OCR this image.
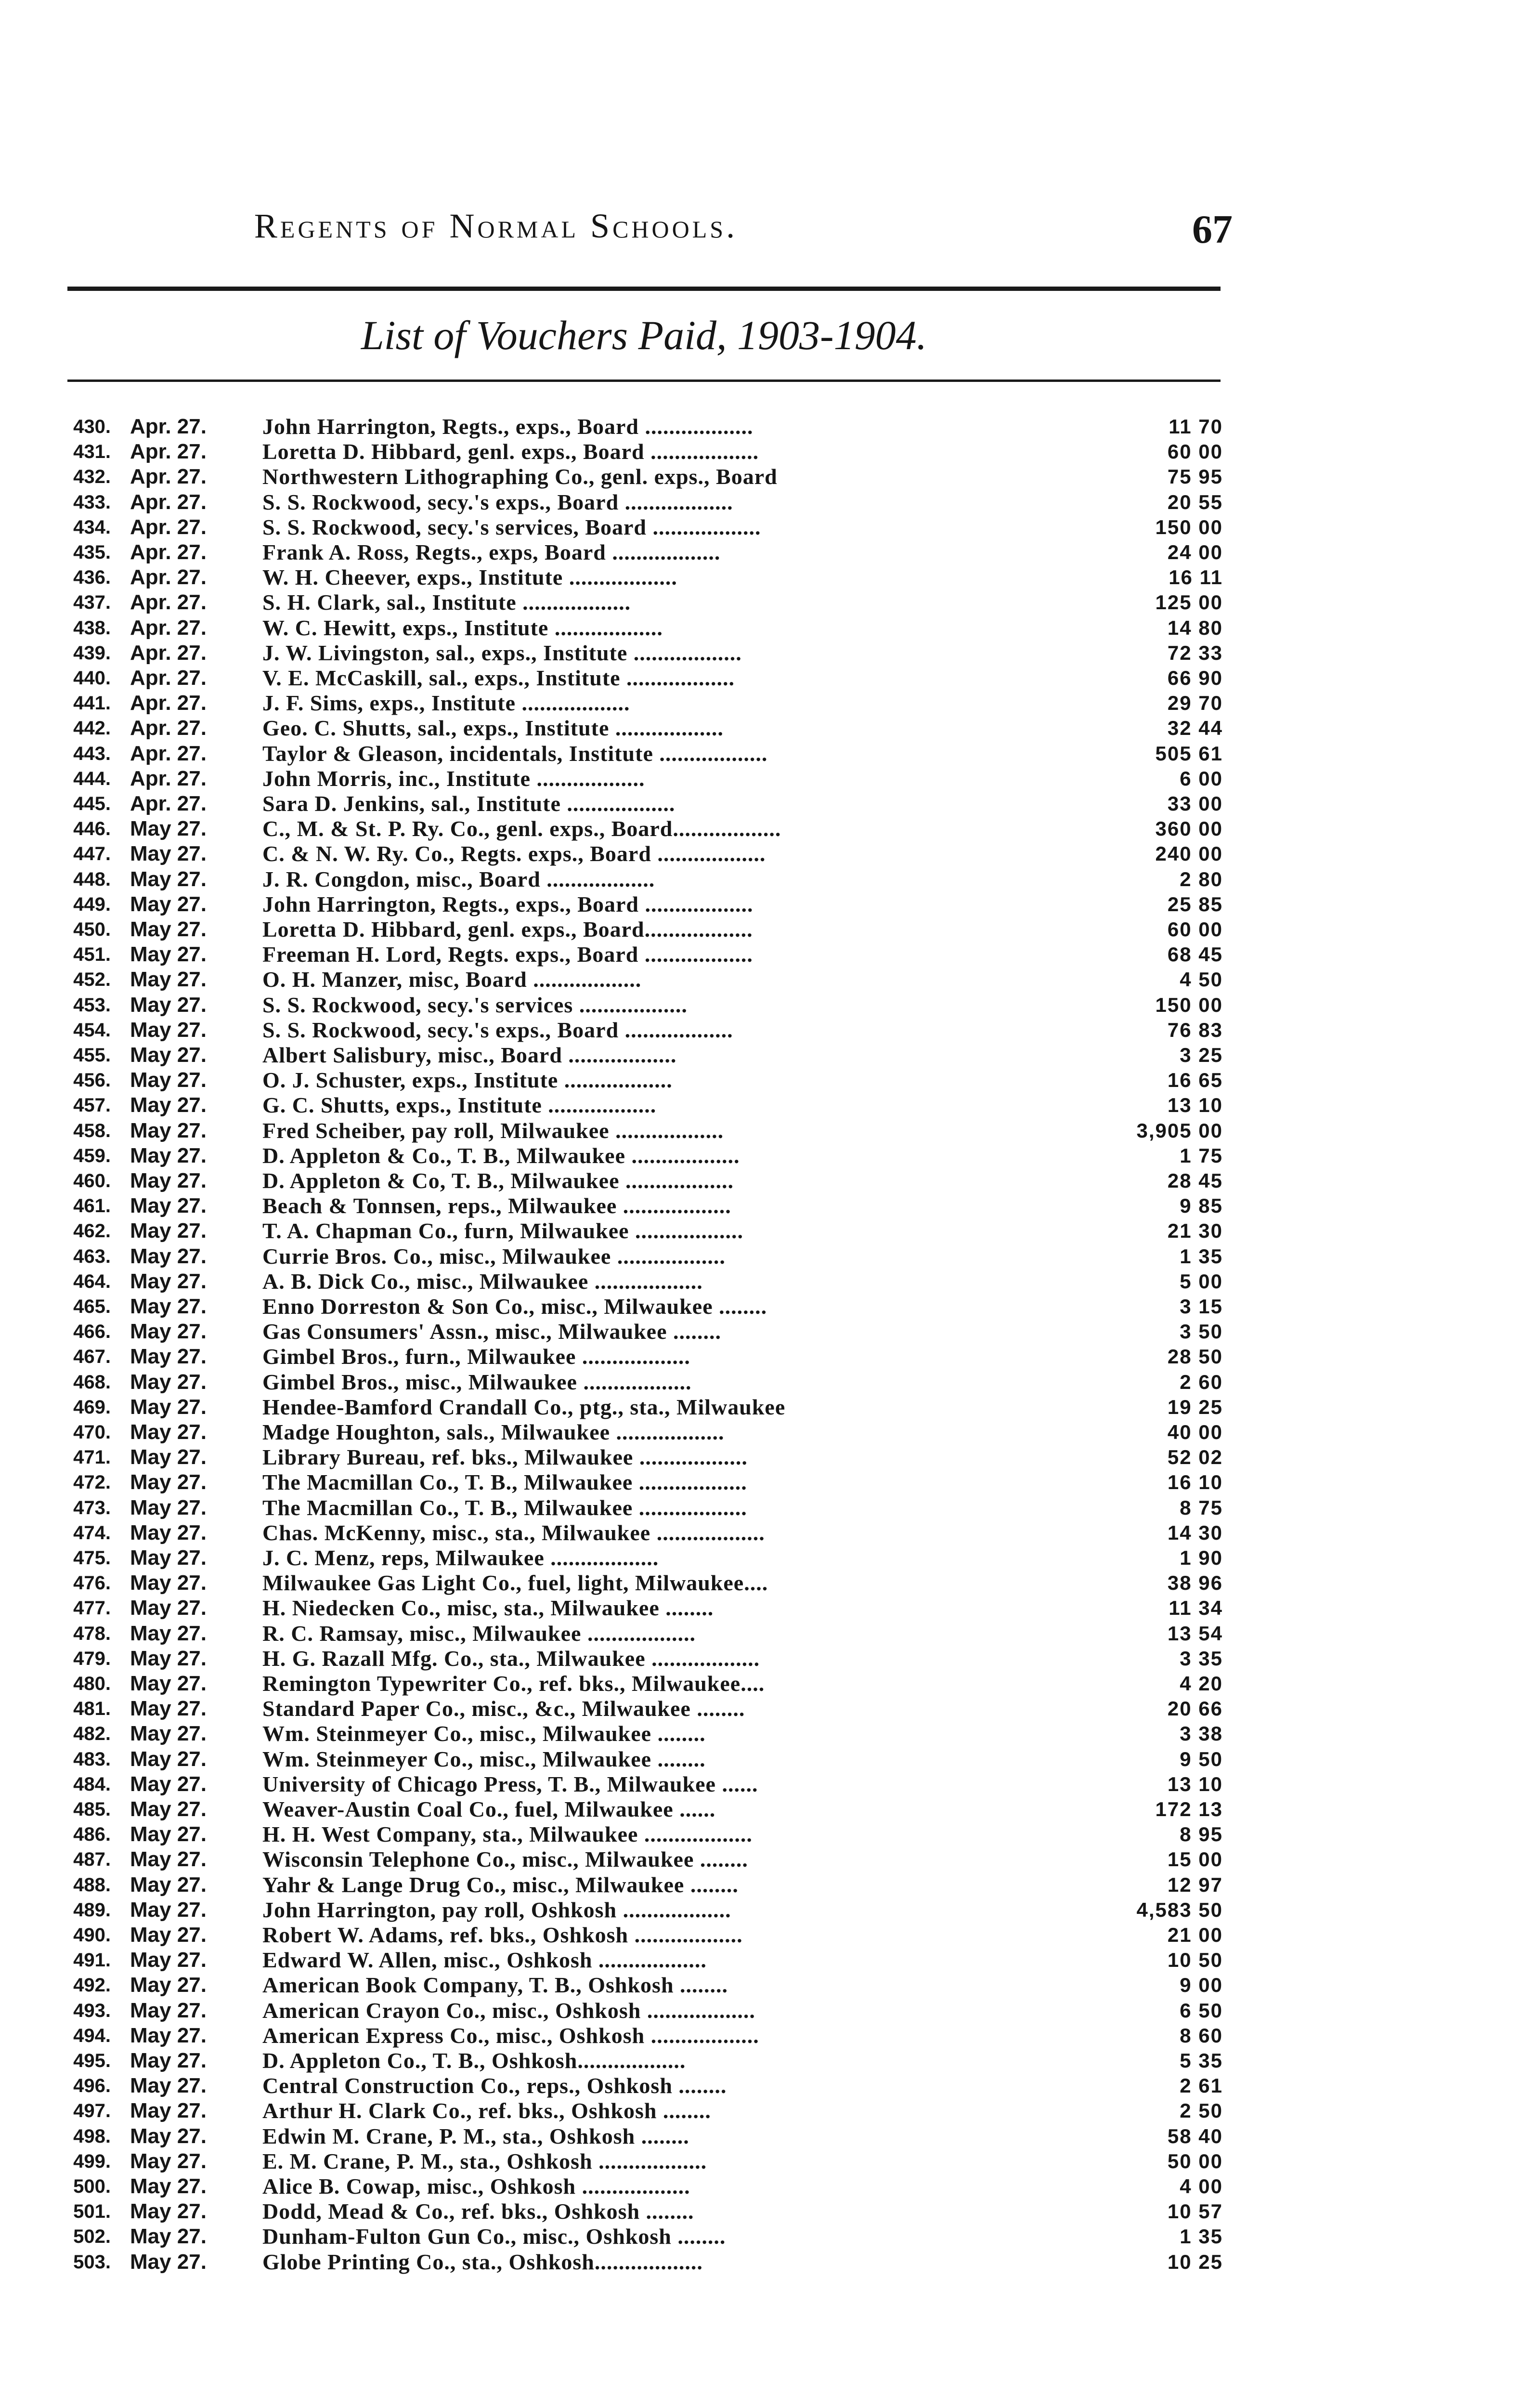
Regents of Normal Schools.	67
List of Vouchers Paid, 1903-1904.
430. Apr. 27.	John Harrington, Regts., exps., Board ..................	11 70
431. Apr. 27.	Loretta D. Hibbard, genl. exps., Board ..................	60 00
432. Apr. 27.	Northwestern Lithographing Co., genl. exps., Board	75 95
433. Apr. 27.	S. S. Rockwood, secy.'s exps., Board ..................	20 55
434. Apr. 27.	S. S. Rockwood, secy.'s services, Board ..................	150 00
435. Apr. 27.	Frank A. Ross, Regts., exps, Board ..................	24 00
436. Apr. 27.	W. H. Cheever, exps., Institute ..................	16 11
437. Apr. 27.	S. H. Clark, sal., Institute ..................	125 00
438. Apr. 27.	W. C. Hewitt, exps., Institute ..................	14 80
439. Apr. 27.	J. W. Livingston, sal., exps., Institute ..................	72 33
440. Apr. 27.	V. E. McCaskill, sal., exps., Institute ..................	66 90
441. Apr. 27.	J. F. Sims, exps., Institute ..................	29 70
442. Apr. 27.	Geo. C. Shutts, sal., exps., Institute ..................	32 44
443. Apr. 27.	Taylor & Gleason, incidentals, Institute ..................	505 61
444. Apr. 27.	John Morris, inc., Institute ..................	6 00
445. Apr. 27.	Sara D. Jenkins, sal., Institute ..................	33 00
446. May 27.	C., M. & St. P. Ry. Co., genl. exps., Board..................	360 00
447. May 27.	C. & N. W. Ry. Co., Regts. exps., Board ..................	240 00
448. May 27.	J. R. Congdon, misc., Board ..................	2 80
449. May 27.	John Harrington, Regts., exps., Board ..................	25 85
450. May 27.	Loretta D. Hibbard, genl. exps., Board..................	60 00
451. May 27.	Freeman H. Lord, Regts. exps., Board ..................	68 45
452. May 27.	O. H. Manzer, misc, Board ..................	4 50
453. May 27.	S. S. Rockwood, secy.'s services ..................	150 00
454. May 27.	S. S. Rockwood, secy.'s exps., Board ..................	76 83
455. May 27.	Albert Salisbury, misc., Board ..................	3 25
456. May 27.	O. J. Schuster, exps., Institute ..................	16 65
457. May 27.	G. C. Shutts, exps., Institute ..................	13 10
458. May 27.	Fred Scheiber, pay roll, Milwaukee ..................	3,905 00
459. May 27.	D. Appleton & Co., T. B., Milwaukee ..................	1 75
460. May 27.	D. Appleton & Co, T. B., Milwaukee ..................	28 45
461. May 27.	Beach & Tonnsen, reps., Milwaukee ..................	9 85
462. May 27.	T. A. Chapman Co., furn, Milwaukee ..................	21 30
463. May 27.	Currie Bros. Co., misc., Milwaukee ..................	1 35
464. May 27.	A. B. Dick Co., misc., Milwaukee ..................	5 00
465. May 27.	Enno Dorreston & Son Co., misc., Milwaukee ........	3 15
466. May 27.	Gas Consumers' Assn., misc., Milwaukee ........	3 50
467. May 27.	Gimbel Bros., furn., Milwaukee ..................	28 50
468. May 27.	Gimbel Bros., misc., Milwaukee ..................	2 60
469. May 27.	Hendee-Bamford Crandall Co., ptg., sta., Milwaukee	19 25
470. May 27.	Madge Houghton, sals., Milwaukee ..................	40 00
471. May 27.	Library Bureau, ref. bks., Milwaukee ..................	52 02
472. May 27.	The Macmillan Co., T. B., Milwaukee ..................	16 10
473. May 27.	The Macmillan Co., T. B., Milwaukee ..................	8 75
474. May 27.	Chas. McKenny, misc., sta., Milwaukee ..................	14 30
475. May 27.	J. C. Menz, reps, Milwaukee ..................	1 90
476. May 27.	Milwaukee Gas Light Co., fuel, light, Milwaukee....	38 96
477. May 27.	H. Niedecken Co., misc, sta., Milwaukee ........	11 34
478. May 27.	R. C. Ramsay, misc., Milwaukee ..................	13 54
479. May 27.	H. G. Razall Mfg. Co., sta., Milwaukee ..................	3 35
480. May 27.	Remington Typewriter Co., ref. bks., Milwaukee....	4 20
481. May 27.	Standard Paper Co., misc., &c., Milwaukee ........	20 66
482. May 27.	Wm. Steinmeyer Co., misc., Milwaukee ........	3 38
483. May 27.	Wm. Steinmeyer Co., misc., Milwaukee ........	9 50
484. May 27.	University of Chicago Press, T. B., Milwaukee ......	13 10
485. May 27.	Weaver-Austin Coal Co., fuel, Milwaukee ......	172 13
486. May 27.	H. H. West Company, sta., Milwaukee ..................	8 95
487. May 27.	Wisconsin Telephone Co., misc., Milwaukee ........	15 00
488. May 27.	Yahr & Lange Drug Co., misc., Milwaukee ........	12 97
489. May 27.	John Harrington, pay roll, Oshkosh ..................	4,583 50
490. May 27.	Robert W. Adams, ref. bks., Oshkosh ..................	21 00
491. May 27.	Edward W. Allen, misc., Oshkosh ..................	10 50
492. May 27.	American Book Company, T. B., Oshkosh ........	9 00
493. May 27.	American Crayon Co., misc., Oshkosh ..................	6 50
494. May 27.	American Express Co., misc., Oshkosh ..................	8 60
495. May 27.	D. Appleton Co., T. B., Oshkosh..................	5 35
496. May 27.	Central Construction Co., reps., Oshkosh ........	2 61
497. May 27.	Arthur H. Clark Co., ref. bks., Oshkosh ........	2 50
498. May 27.	Edwin M. Crane, P. M., sta., Oshkosh ........	58 40
499. May 27.	E. M. Crane, P. M., sta., Oshkosh ..................	50 00
500. May 27.	Alice B. Cowap, misc., Oshkosh ..................	4 00
501. May 27.	Dodd, Mead & Co., ref. bks., Oshkosh ........	10 57
502. May 27.	Dunham-Fulton Gun Co., misc., Oshkosh ........	1 35
503. May 27.	Globe Printing Co., sta., Oshkosh..................	10 25
